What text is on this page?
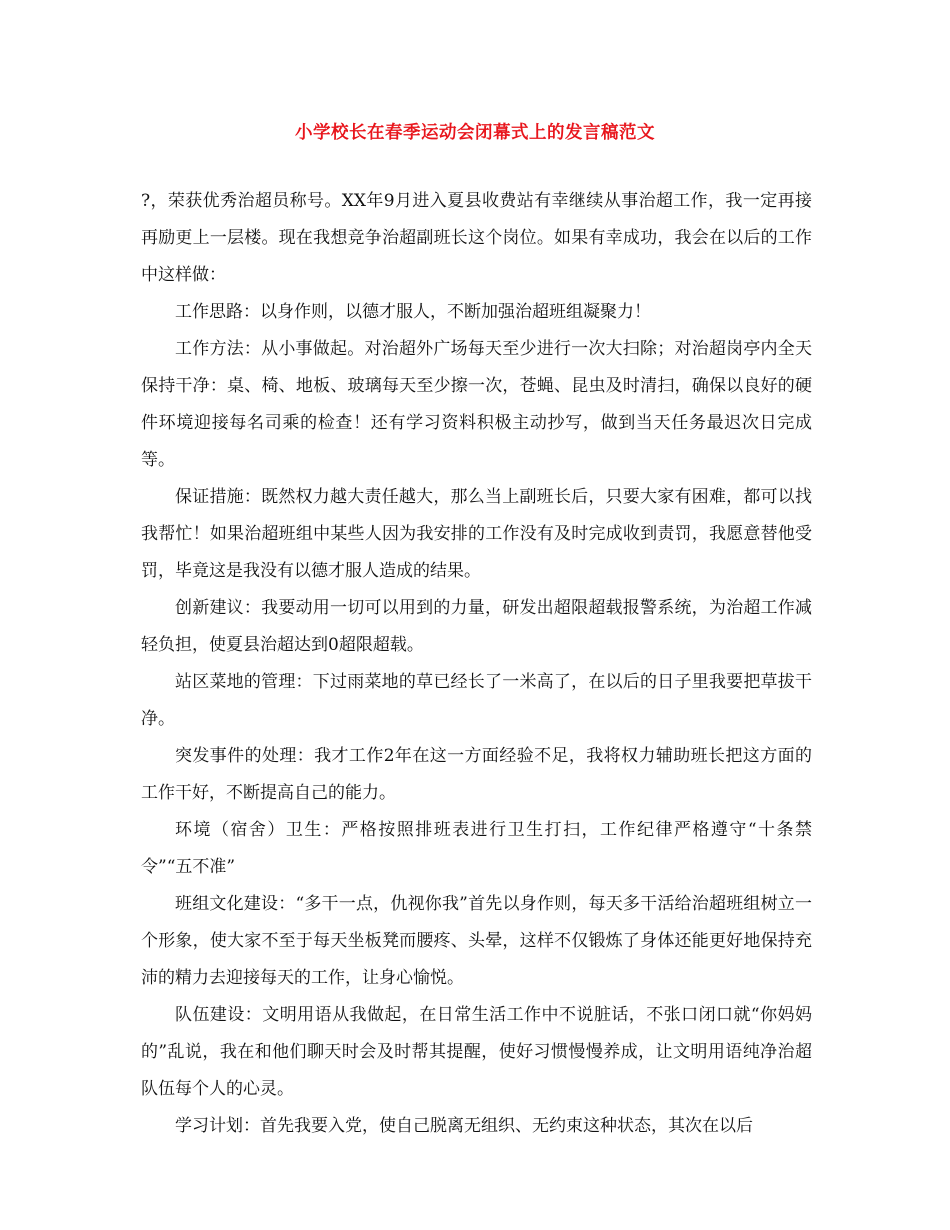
小学校长在春季运动会闭幕式上的发言稿范文

?，荣获优秀治超员称号。XX年9月进入夏县收费站有幸继续从事治超工作，我一定再接再励更上一层楼。现在我想竞争治超副班长这个岗位。如果有幸成功，我会在以后的工作中这样做：

工作思路：以身作则，以德才服人，不断加强治超班组凝聚力！

工作方法：从小事做起。对治超外广场每天至少进行一次大扫除；对治超岗亭内全天保持干净：桌、椅、地板、玻璃每天至少擦一次，苍蝇、昆虫及时清扫，确保以良好的硬件环境迎接每名司乘的检查！还有学习资料积极主动抄写，做到当天任务最迟次日完成等。

保证措施：既然权力越大责任越大，那么当上副班长后，只要大家有困难，都可以找我帮忙！如果治超班组中某些人因为我安排的工作没有及时完成收到责罚，我愿意替他受罚，毕竟这是我没有以德才服人造成的结果。

创新建议：我要动用一切可以用到的力量，研发出超限超载报警系统，为治超工作减轻负担，使夏县治超达到0超限超载。

站区菜地的管理：下过雨菜地的草已经长了一米高了，在以后的日子里我要把草拔干净。

突发事件的处理：我才工作2年在这一方面经验不足，我将权力辅助班长把这方面的工作干好，不断提高自己的能力。

环境（宿舍）卫生：严格按照排班表进行卫生打扫，工作纪律严格遵守“十条禁令”“五不准”

班组文化建设：“多干一点，仇视你我”首先以身作则，每天多干活给治超班组树立一个形象，使大家不至于每天坐板凳而腰疼、头晕，这样不仅锻炼了身体还能更好地保持充沛的精力去迎接每天的工作，让身心愉悦。

队伍建设：文明用语从我做起，在日常生活工作中不说脏话，不张口闭口就“你妈妈的”乱说，我在和他们聊天时会及时帮其提醒，使好习惯慢慢养成，让文明用语纯净治超队伍每个人的心灵。

学习计划：首先我要入党，使自己脱离无组织、无约束这种状态，其次在以后
